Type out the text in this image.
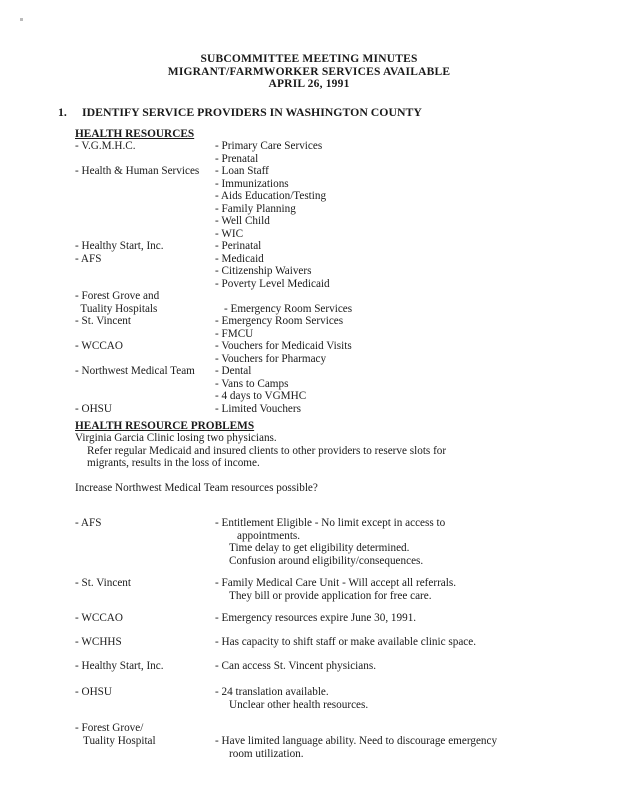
SUBCOMMITTEE MEETING MINUTES
MIGRANT/FARMWORKER SERVICES AVAILABLE
APRIL 26, 1991
1. IDENTIFY SERVICE PROVIDERS IN WASHINGTON COUNTY
HEALTH RESOURCES
- V.G.M.H.C.	- Primary Care Services
- Prenatal
- Health & Human Services - Loan Staff
- Immunizations
- Aids Education/Testing
- Family Planning
- Well Child
- WIC
- Healthy Start, Inc.	- Perinatal
- AFS	- Medicaid
- Citizenship Waivers
- Poverty Level Medicaid
- Forest Grove and
Tuality Hospitals	- Emergency Room Services
- St. Vincent	- Emergency Room Services
- FMCU
- WCCAO	- Vouchers for Medicaid Visits
- Vouchers for Pharmacy
- Northwest Medical Team - Dental
- Vans to Camps
- 4 days to VGMHC
- OHSU	- Limited Vouchers
HEALTH RESOURCE PROBLEMS
Virginia Garcia Clinic losing two physicians.
Refer regular Medicaid and insured clients to other providers to reserve slots for
migrants, results in the loss of income.
Increase Northwest Medical Team resources possible?
- AFS	- Entitlement Eligible - No limit except in access to
appointments.
Time delay to get eligibility determined.
Confusion around eligibility/consequences.
- St. Vincent	- Family Medical Care Unit - Will accept all referrals.
They bill or provide application for free care.
- WCCAO	- Emergency resources expire June 30, 1991.
- WCHHS	- Has capacity to shift staff or make available clinic space.
- Healthy Start, Inc.	- Can access St. Vincent physicians.
- OHSU	- 24 translation available.
Unclear other health resources.
- Forest Grove/
Tuality Hospital	- Have limited language ability. Need to discourage emergency
room utilization.
